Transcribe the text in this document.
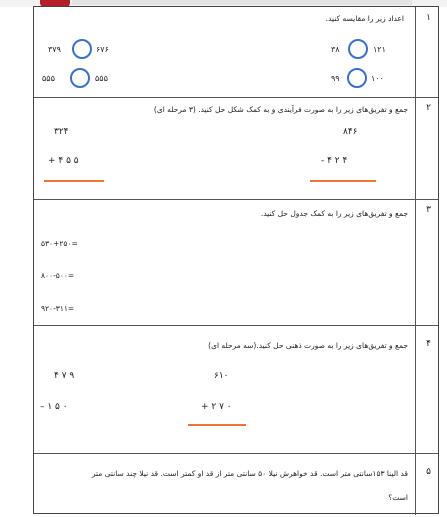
۱
اعداد زیر را مقایسه کنید.
۳۷۹	۶۷۶	۳۸	۱۲۱
۵۵۵	۵۵۵	۹۹	۱۰۰
۲
جمع و تفریق‌های زیر را به صورت فرآیندی و به کمک شکل حل کنید. (۳ مرحله ای)
۳۲۴
+ ۴ ۵ ۵
۸۴۶
- ۴ ۲ ۴
۳
جمع و تفریق‌های زیر را به کمک جدول حل کنید.
۵۳۰+۲۵۰=
۸۰۰-۵۰۰=
۹۲۰-۳۱۱=
۴
جمع و تفریق‌های زیر را به صورت ذهنی حل کنید.(سه مرحله ای)
۴ ۷ ۹
– ۱ ۵ ۰
۶۱۰
+ ۲ ۷ ۰
۵
قد الینا ۱۵۳سانتی متر است. قد خواهرش نیلا ۵۰ سانتی متر از قد او کمتر است. قد نیلا چند سانتی متر
است؟
